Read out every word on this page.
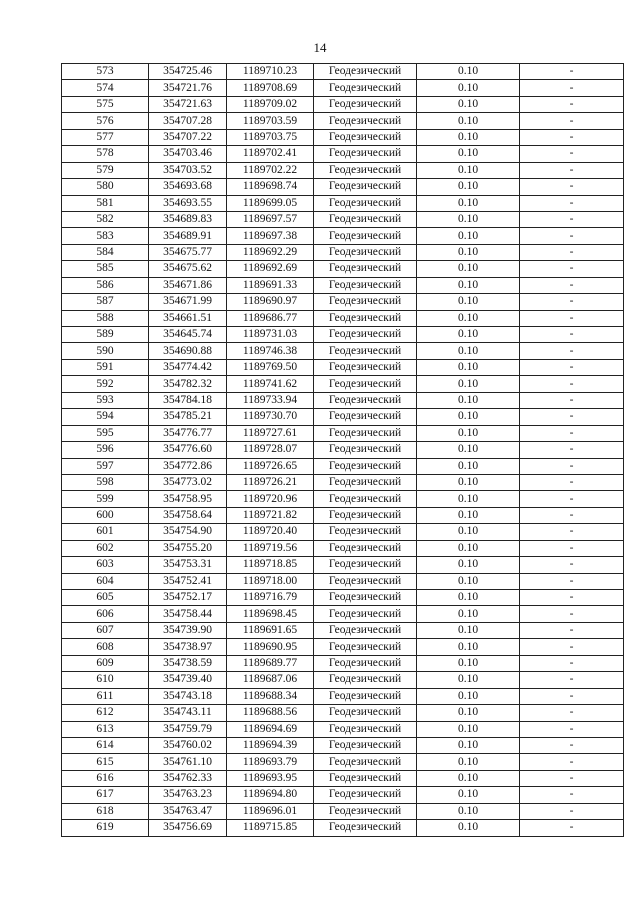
14
573	354725.46	1189710.23	Геодезический	0.10	-
574	354721.76	1189708.69	Геодезический	0.10	-
575	354721.63	1189709.02	Геодезический	0.10	-
576	354707.28	1189703.59	Геодезический	0.10	-
577	354707.22	1189703.75	Геодезический	0.10	-
578	354703.46	1189702.41	Геодезический	0.10	-
579	354703.52	1189702.22	Геодезический	0.10	-
580	354693.68	1189698.74	Геодезический	0.10	-
581	354693.55	1189699.05	Геодезический	0.10	-
582	354689.83	1189697.57	Геодезический	0.10	-
583	354689.91	1189697.38	Геодезический	0.10	-
584	354675.77	1189692.29	Геодезический	0.10	-
585	354675.62	1189692.69	Геодезический	0.10	-
586	354671.86	1189691.33	Геодезический	0.10	-
587	354671.99	1189690.97	Геодезический	0.10	-
588	354661.51	1189686.77	Геодезический	0.10	-
589	354645.74	1189731.03	Геодезический	0.10	-
590	354690.88	1189746.38	Геодезический	0.10	-
591	354774.42	1189769.50	Геодезический	0.10	-
592	354782.32	1189741.62	Геодезический	0.10	-
593	354784.18	1189733.94	Геодезический	0.10	-
594	354785.21	1189730.70	Геодезический	0.10	-
595	354776.77	1189727.61	Геодезический	0.10	-
596	354776.60	1189728.07	Геодезический	0.10	-
597	354772.86	1189726.65	Геодезический	0.10	-
598	354773.02	1189726.21	Геодезический	0.10	-
599	354758.95	1189720.96	Геодезический	0.10	-
600	354758.64	1189721.82	Геодезический	0.10	-
601	354754.90	1189720.40	Геодезический	0.10	-
602	354755.20	1189719.56	Геодезический	0.10	-
603	354753.31	1189718.85	Геодезический	0.10	-
604	354752.41	1189718.00	Геодезический	0.10	-
605	354752.17	1189716.79	Геодезический	0.10	-
606	354758.44	1189698.45	Геодезический	0.10	-
607	354739.90	1189691.65	Геодезический	0.10	-
608	354738.97	1189690.95	Геодезический	0.10	-
609	354738.59	1189689.77	Геодезический	0.10	-
610	354739.40	1189687.06	Геодезический	0.10	-
611	354743.18	1189688.34	Геодезический	0.10	-
612	354743.11	1189688.56	Геодезический	0.10	-
613	354759.79	1189694.69	Геодезический	0.10	-
614	354760.02	1189694.39	Геодезический	0.10	-
615	354761.10	1189693.79	Геодезический	0.10	-
616	354762.33	1189693.95	Геодезический	0.10	-
617	354763.23	1189694.80	Геодезический	0.10	-
618	354763.47	1189696.01	Геодезический	0.10	-
619	354756.69	1189715.85	Геодезический	0.10	-
